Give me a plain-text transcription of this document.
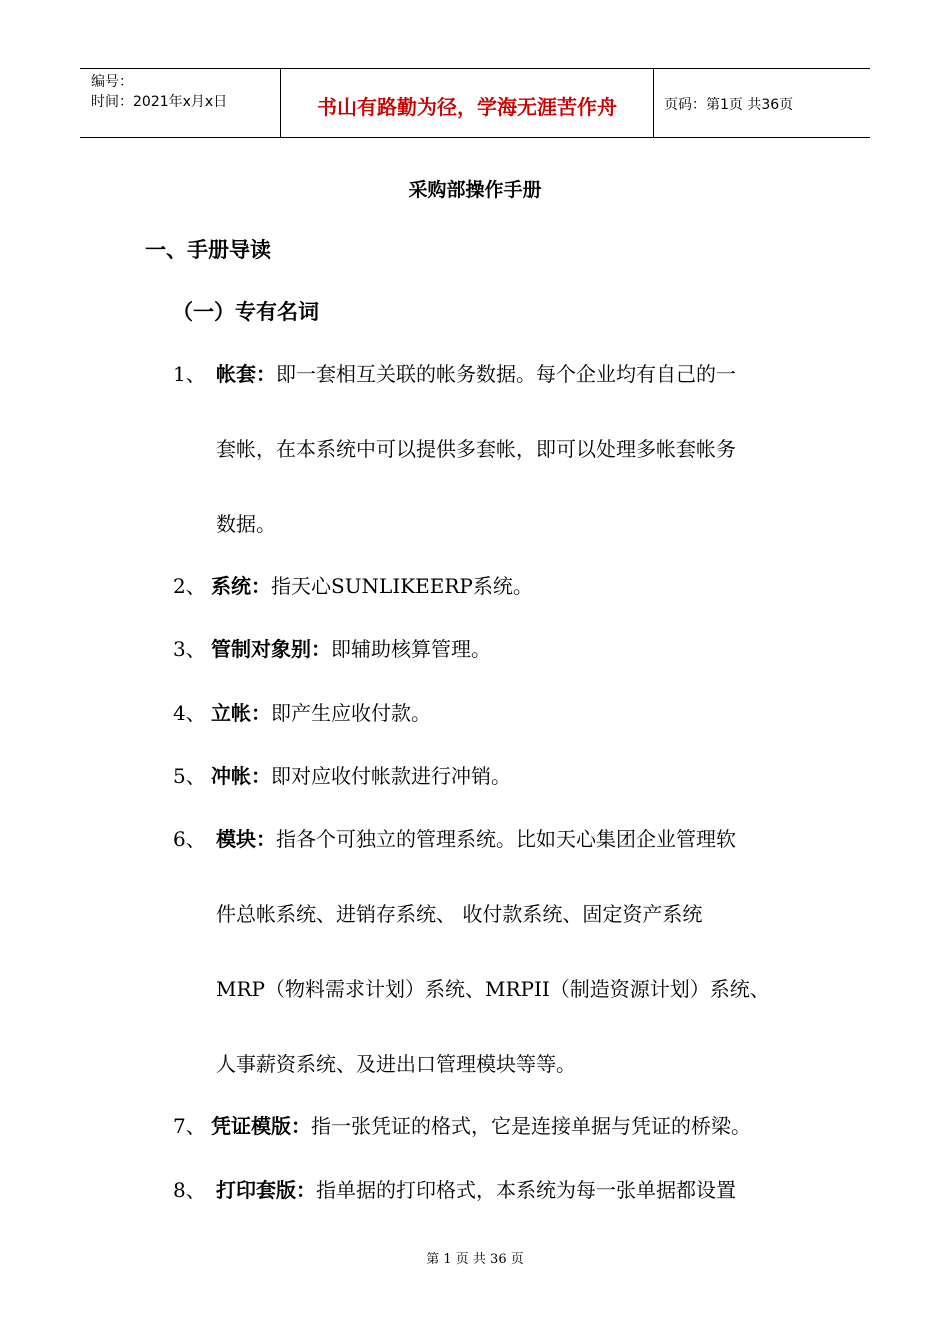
编号：
时间：2021年x月x日	书山有路勤为径，学海无涯苦作舟	页码：第1页 共36页
采购部操作手册
一、手册导读
（一）专有名词
1、 帐套：即一套相互关联的帐务数据。每个企业均有自己的一
套帐，在本系统中可以提供多套帐，即可以处理多帐套帐务
数据。
2、 系统：指天心SUNLIKEERP系统。
3、 管制对象别：即辅助核算管理。
4、 立帐：即产生应收付款。
5、 冲帐：即对应收付帐款进行冲销。
6、 模块：指各个可独立的管理系统。比如天心集团企业管理软
件总帐系统、进销存系统、 收付款系统、固定资产系统
MRP（物料需求计划）系统、MRPII（制造资源计划）系统、
人事薪资系统、及进出口管理模块等等。
7、 凭证模版：指一张凭证的格式，它是连接单据与凭证的桥梁。
8、 打印套版：指单据的打印格式，本系统为每一张单据都设置
第 1 页 共 36 页
